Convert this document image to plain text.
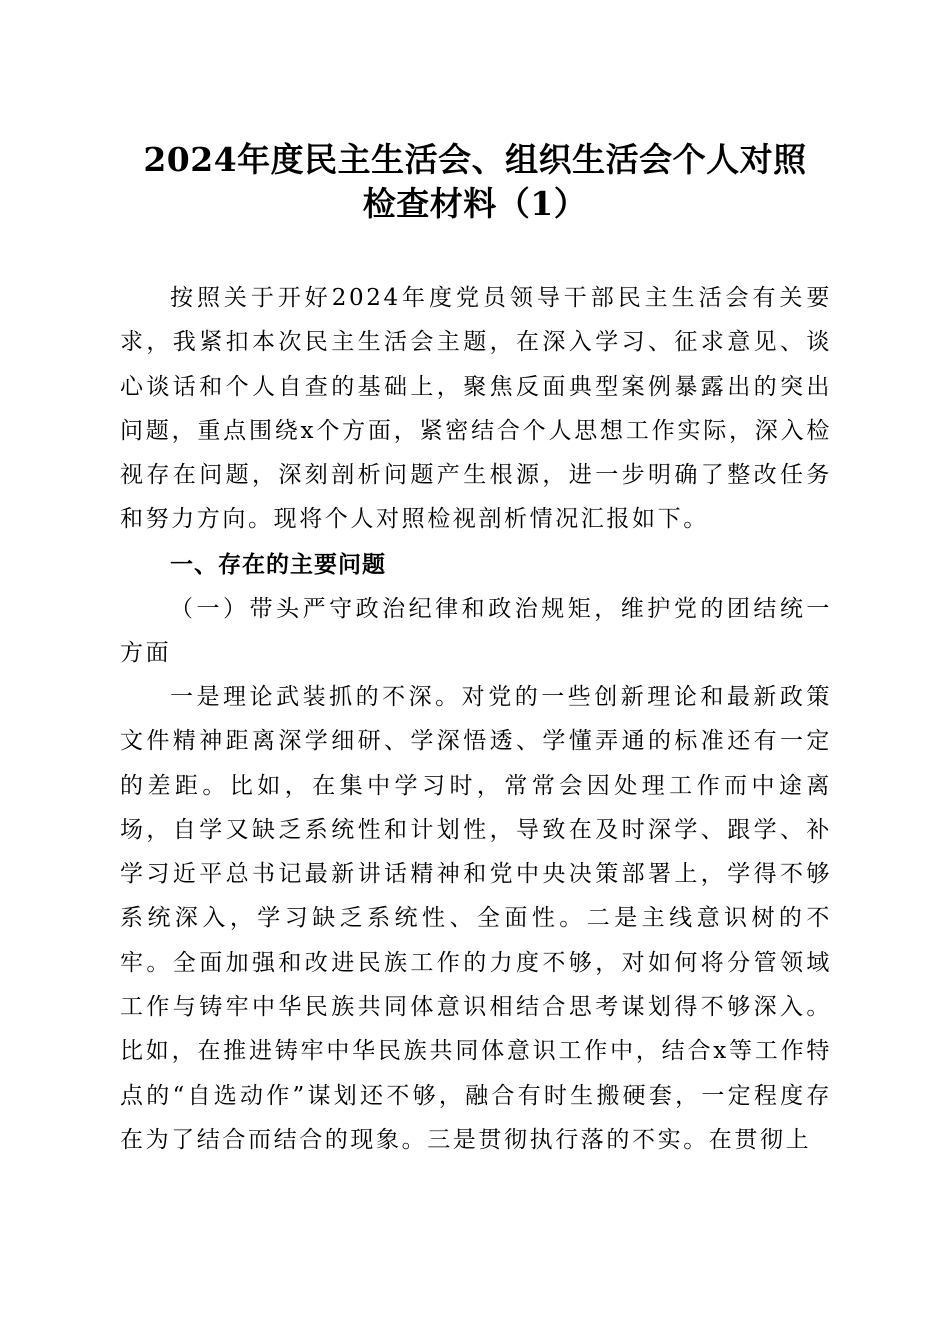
2024年度民主生活会、组织生活会个人对照
检查材料（1）

按照关于开好2024年度党员领导干部民主生活会有关要求，我紧扣本次民主生活会主题，在深入学习、征求意见、谈心谈话和个人自查的基础上，聚焦反面典型案例暴露出的突出问题，重点围绕x个方面，紧密结合个人思想工作实际，深入检视存在问题，深刻剖析问题产生根源，进一步明确了整改任务和努力方向。现将个人对照检视剖析情况汇报如下。

一、存在的主要问题

（一）带头严守政治纪律和政治规矩，维护党的团结统一方面

一是理论武装抓的不深。对党的一些创新理论和最新政策文件精神距离深学细研、学深悟透、学懂弄通的标准还有一定的差距。比如，在集中学习时，常常会因处理工作而中途离场，自学又缺乏系统性和计划性，导致在及时深学、跟学、补学习近平总书记最新讲话精神和党中央决策部署上，学得不够系统深入，学习缺乏系统性、全面性。二是主线意识树的不牢。全面加强和改进民族工作的力度不够，对如何将分管领域工作与铸牢中华民族共同体意识相结合思考谋划得不够深入。比如，在推进铸牢中华民族共同体意识工作中，结合x等工作特点的“自选动作”谋划还不够，融合有时生搬硬套，一定程度存在为了结合而结合的现象。三是贯彻执行落的不实。在贯彻上
